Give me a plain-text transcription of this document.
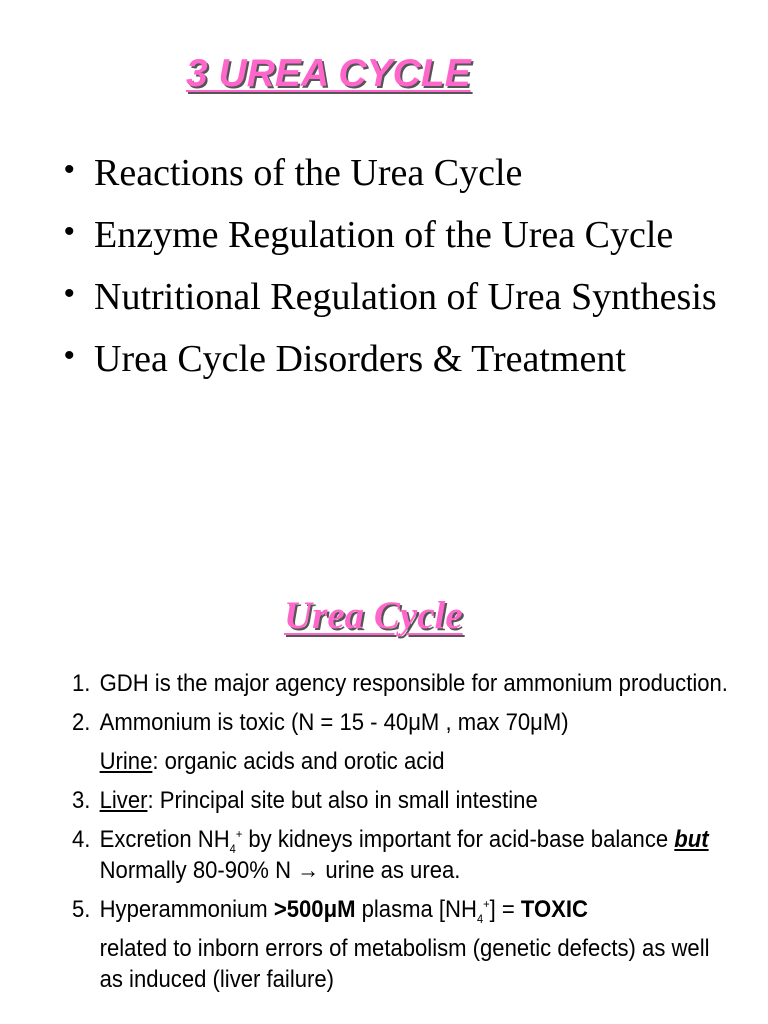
3 UREA CYCLE
• Reactions of the Urea Cycle
• Enzyme Regulation of the Urea Cycle
• Nutritional Regulation of Urea Synthesis
• Urea Cycle Disorders & Treatment
Urea Cycle
1. GDH is the major agency responsible for ammonium production.
2. Ammonium is toxic (N = 15 - 40μM , max 70μM)
Urine: organic acids and orotic acid
3. Liver: Principal site but also in small intestine
4. Excretion $NH_4^+$ by kidneys important for acid-base balance but Normally 80-90% N → urine as urea.
5. Hyperammonium >500μM plasma $[NH_4^+]$ = TOXIC
related to inborn errors of metabolism (genetic defects) as well as induced (liver failure)
